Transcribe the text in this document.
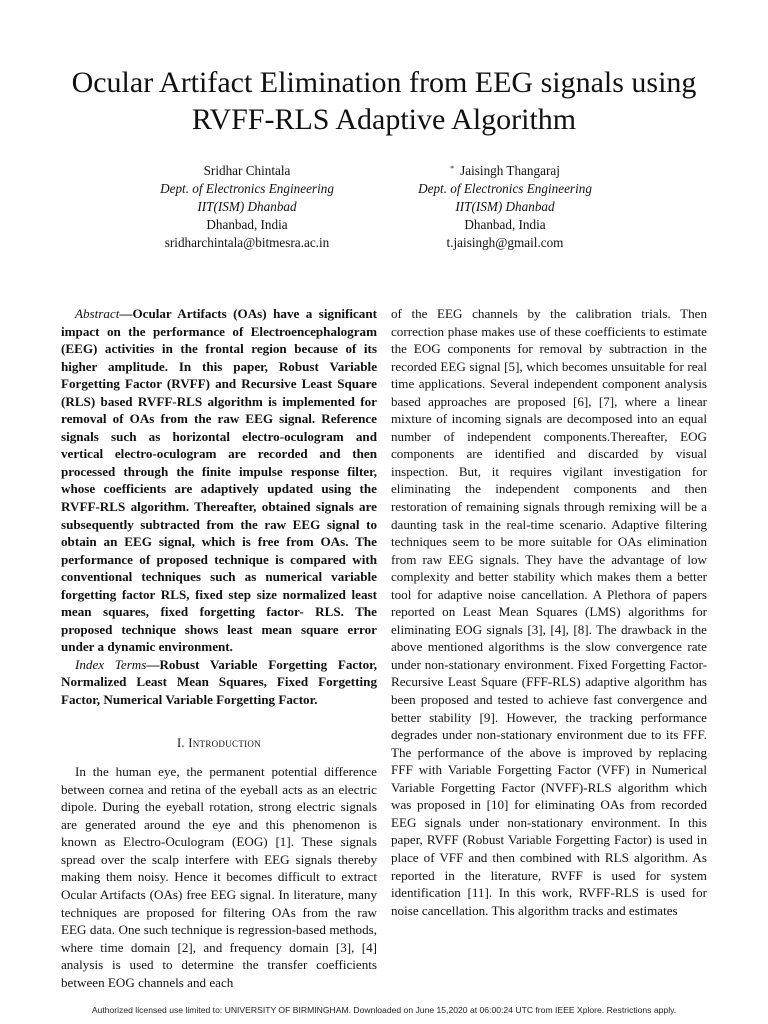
Ocular Artifact Elimination from EEG signals using
RVFF-RLS Adaptive Algorithm
Sridhar Chintala
Dept. of Electronics Engineering
IIT(ISM) Dhanbad
Dhanbad, India
sridharchintala@bitmesra.ac.in
* Jaisingh Thangaraj
Dept. of Electronics Engineering
IIT(ISM) Dhanbad
Dhanbad, India
t.jaisingh@gmail.com

Abstract—Ocular Artifacts (OAs) have a significant impact on the performance of Electroencephalogram (EEG) activities in the frontal region because of its higher amplitude. In this paper, Robust Variable Forgetting Factor (RVFF) and Recursive Least Square (RLS) based RVFF-RLS algorithm is implemented for removal of OAs from the raw EEG signal. Reference signals such as horizontal electro-oculogram and vertical electro-oculogram are recorded and then processed through the finite impulse response filter, whose coefficients are adaptively updated using the RVFF-RLS algorithm. Thereafter, obtained signals are subsequently subtracted from the raw EEG signal to obtain an EEG signal, which is free from OAs. The performance of proposed technique is compared with conventional techniques such as numerical variable forgetting factor RLS, fixed step size normalized least mean squares, fixed forgetting factor- RLS. The proposed technique shows least mean square error under a dynamic environment.

Index Terms—Robust Variable Forgetting Factor, Normalized Least Mean Squares, Fixed Forgetting Factor, Numerical Variable Forgetting Factor.

I. Introduction

In the human eye, the permanent potential difference between cornea and retina of the eyeball acts as an electric dipole. During the eyeball rotation, strong electric signals are generated around the eye and this phenomenon is known as Electro-Oculogram (EOG) [1]. These signals spread over the scalp interfere with EEG signals thereby making them noisy. Hence it becomes difficult to extract Ocular Artifacts (OAs) free EEG signal. In literature, many techniques are proposed for filtering OAs from the raw EEG data. One such technique is regression-based methods, where time domain [2], and frequency domain [3], [4] analysis is used to determine the transfer coefficients between EOG channels and each

of the EEG channels by the calibration trials. Then correction phase makes use of these coefficients to estimate the EOG components for removal by subtraction in the recorded EEG signal [5], which becomes unsuitable for real time applications. Several independent component analysis based approaches are proposed [6], [7], where a linear mixture of incoming signals are decomposed into an equal number of independent components.Thereafter, EOG components are identified and discarded by visual inspection. But, it requires vigilant investigation for eliminating the independent components and then restoration of remaining signals through remixing will be a daunting task in the real-time scenario. Adaptive filtering techniques seem to be more suitable for OAs elimination from raw EEG signals. They have the advantage of low complexity and better stability which makes them a better tool for adaptive noise cancellation. A Plethora of papers reported on Least Mean Squares (LMS) algorithms for eliminating EOG signals [3], [4], [8]. The drawback in the above mentioned algorithms is the slow convergence rate under non-stationary environment. Fixed Forgetting Factor-Recursive Least Square (FFF-RLS) adaptive algorithm has been proposed and tested to achieve fast convergence and better stability [9]. However, the tracking performance degrades under non-stationary environment due to its FFF. The performance of the above is improved by replacing FFF with Variable Forgetting Factor (VFF) in Numerical Variable Forgetting Factor (NVFF)-RLS algorithm which was proposed in [10] for eliminating OAs from recorded EEG signals under non-stationary environment. In this paper, RVFF (Robust Variable Forgetting Factor) is used in place of VFF and then combined with RLS algorithm. As reported in the literature, RVFF is used for system identification [11]. In this work, RVFF-RLS is used for noise cancellation. This algorithm tracks and estimates

Authorized licensed use limited to: UNIVERSITY OF BIRMINGHAM. Downloaded on June 15,2020 at 06:00:24 UTC from IEEE Xplore. Restrictions apply.
